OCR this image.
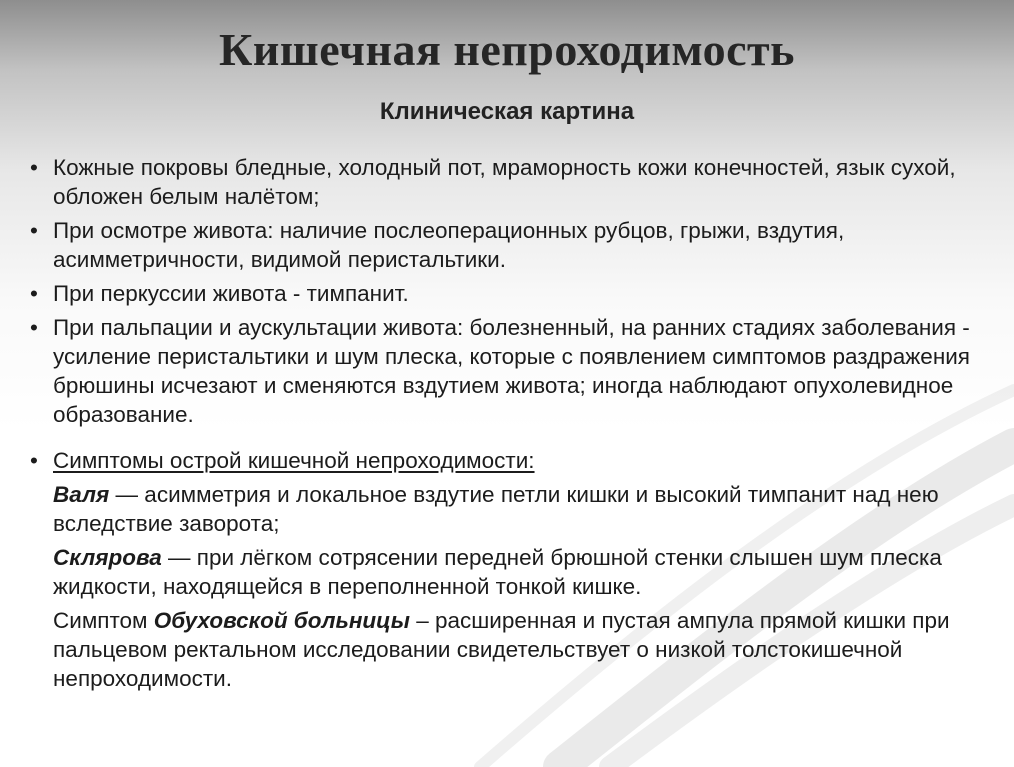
Кишечная непроходимость
Клиническая картина
• Кожные покровы бледные, холодный пот, мраморность кожи конечностей, язык сухой, обложен белым налётом;
• При осмотре живота: наличие послеоперационных рубцов, грыжи, вздутия, асимметричности, видимой перистальтики.
• При перкуссии живота - тимпанит.
• При пальпации и аускультации живота: болезненный, на ранних стадиях заболевания - усиление перистальтики и шум плеска, которые с появлением симптомов раздражения брюшины исчезают и сменяются вздутием живота; иногда наблюдают опухолевидное образование.
• Симптомы острой кишечной непроходимости:
Валя — асимметрия и локальное вздутие петли кишки и высокий тимпанит над нею вследствие заворота;
Склярова — при лёгком сотрясении передней брюшной стенки слышен шум плеска жидкости, находящейся в переполненной тонкой кишке.
Симптом Обуховской больницы – расширенная и пустая ампула прямой кишки при пальцевом ректальном исследовании свидетельствует о низкой толстокишечной непроходимости.
